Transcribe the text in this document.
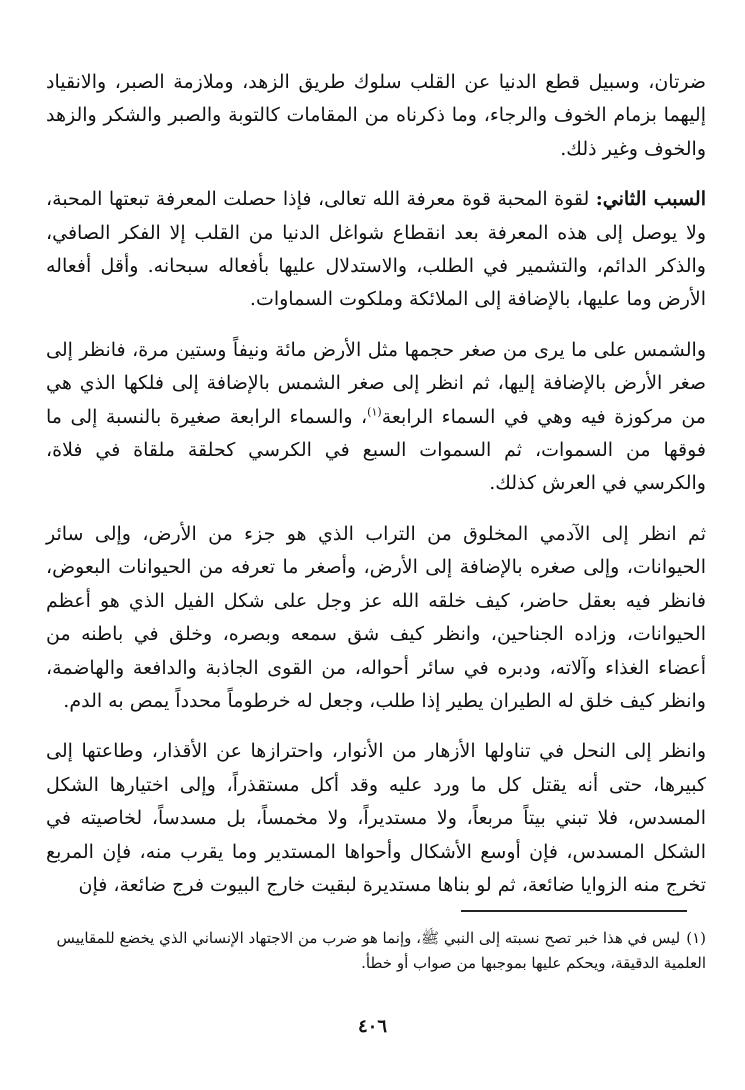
ضرتان، وسبيل قطع الدنيا عن القلب سلوك طريق الزهد، وملازمة الصبر، والانقياد إليهما بزمام الخوف والرجاء، وما ذكرناه من المقامات كالتوبة والصبر والشكر والزهد والخوف وغير ذلك.

السبب الثاني: لقوة المحبة قوة معرفة الله تعالى، فإذا حصلت المعرفة تبعتها المحبة، ولا يوصل إلى هذه المعرفة بعد انقطاع شواغل الدنيا من القلب إلا الفكر الصافي، والذكر الدائم، والتشمير في الطلب، والاستدلال عليها بأفعاله سبحانه. وأقل أفعاله الأرض وما عليها، بالإضافة إلى الملائكة وملكوت السماوات.

والشمس على ما يرى من صغر حجمها مثل الأرض مائة ونيفاً وستين مرة، فانظر إلى صغر الأرض بالإضافة إليها، ثم انظر إلى صغر الشمس بالإضافة إلى فلكها الذي هي من مركوزة فيه وهي في السماء الرابعة$^{(١)}$، والسماء الرابعة صغيرة بالنسبة إلى ما فوقها من السموات، ثم السموات السبع في الكرسي كحلقة ملقاة في فلاة، والكرسي في العرش كذلك.

ثم انظر إلى الآدمي المخلوق من التراب الذي هو جزء من الأرض، وإلى سائر الحيوانات، وإلى صغره بالإضافة إلى الأرض، وأصغر ما تعرفه من الحيوانات البعوض، فانظر فيه بعقل حاضر، كيف خلقه الله عز وجل على شكل الفيل الذي هو أعظم الحيوانات، وزاده الجناحين، وانظر كيف شق سمعه وبصره، وخلق في باطنه من أعضاء الغذاء وآلاته، ودبره في سائر أحواله، من القوى الجاذبة والدافعة والهاضمة، وانظر كيف خلق له الطيران يطير إذا طلب، وجعل له خرطوماً محدداً يمص به الدم.

وانظر إلى النحل في تناولها الأزهار من الأنوار، واحترازها عن الأقذار، وطاعتها إلى كبيرها، حتى أنه يقتل كل ما ورد عليه وقد أكل مستقذراً، وإلى اختيارها الشكل المسدس، فلا تبني بيتاً مربعاً، ولا مستديراً، ولا مخمساً، بل مسدساً، لخاصيته في الشكل المسدس، فإن أوسع الأشكال وأحواها المستدير وما يقرب منه، فإن المربع تخرج منه الزوايا ضائعة، ثم لو بناها مستديرة لبقيت خارج البيوت فرج ضائعة، فإن

(١)ليس في هذا خبر تصح نسبته إلى النبي ﷺ، وإنما هو ضرب من الاجتهاد الإنساني الذي يخضع للمقاييس العلمية الدقيقة، ويحكم عليها بموجبها من صواب أو خطأ.

٤٠٦
